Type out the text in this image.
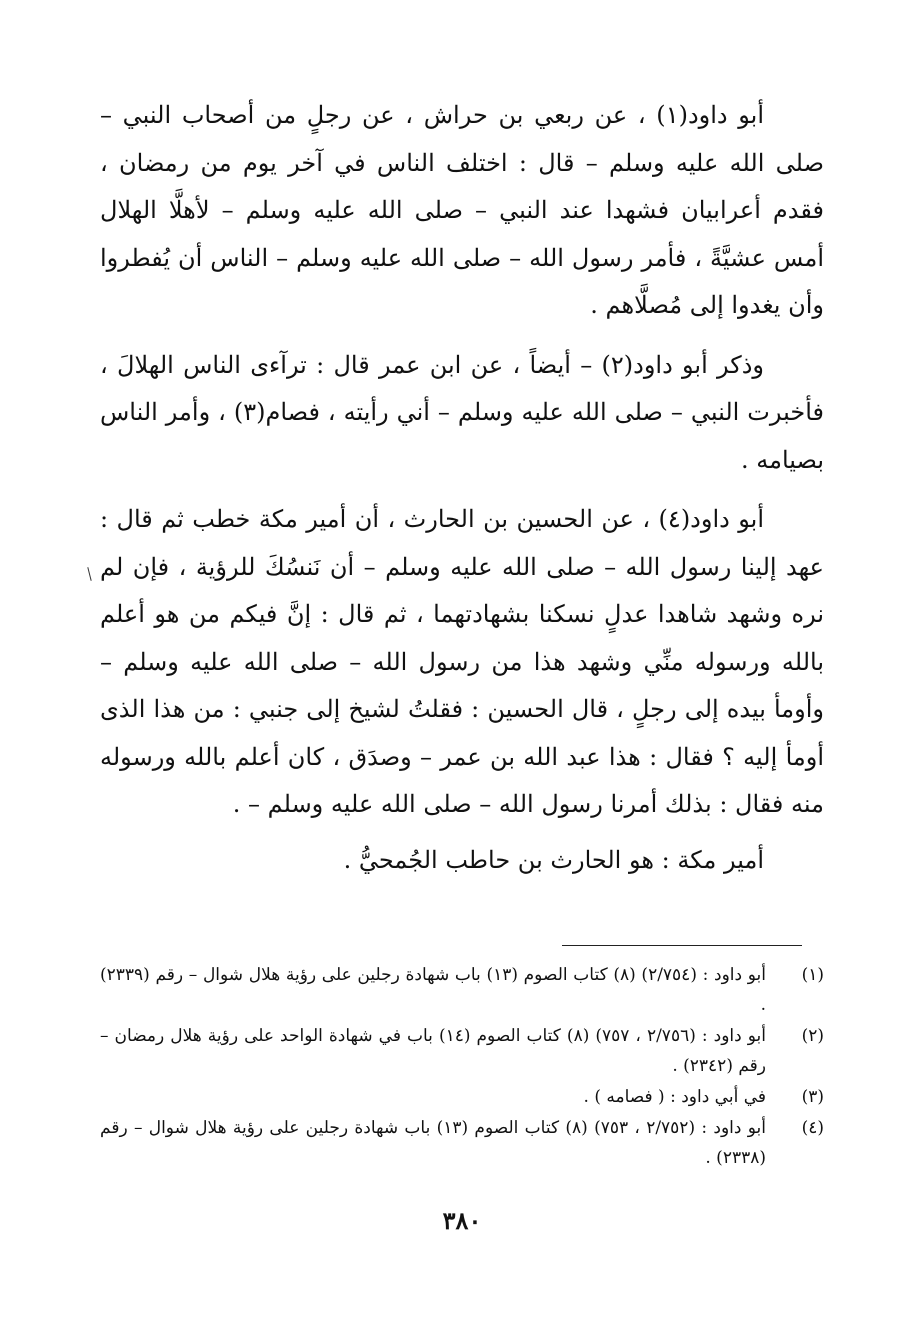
أبو داود(١) ، عن ربعي بن حراش ، عن رجلٍ من أصحاب النبي – صلى الله عليه وسلم – قال : اختلف الناس في آخر يوم من رمضان ، فقدم أعرابيان فشهدا عند النبي – صلى الله عليه وسلم – لأهلَّا الهلال أمس عشيَّةً ، فأمر رسول الله – صلى الله عليه وسلم – الناس أن يُفطروا وأن يغدوا إلى مُصلَّاهم .

وذكر أبو داود(٢) – أيضاً ، عن ابن عمر قال : ترآءى الناس الهلالَ ، فأخبرت النبي – صلى الله عليه وسلم – أني رأيته ، فصام(٣) ، وأمر الناس بصيامه .

أبو داود(٤) ، عن الحسين بن الحارث ، أن أمير مكة خطب ثم قال : عهد إلينا رسول الله – صلى الله عليه وسلم – أن نَنسُكَ للرؤية ، فإن لم نره وشهد شاهدا عدلٍ نسكنا بشهادتهما ، ثم قال : إنَّ فيكم من هو أعلم بالله ورسوله منِّي وشهد هذا من رسول الله – صلى الله عليه وسلم – وأومأ بيده إلى رجلٍ ، قال الحسين : فقلتُ لشيخ إلى جنبي : من هذا الذى أومأ إليه ؟ فقال : هذا عبد الله بن عمر – وصدَق ، كان أعلم بالله ورسوله منه فقال : بذلك أمرنا رسول الله – صلى الله عليه وسلم – .

أمير مكة : هو الحارث بن حاطب الجُمحيُّ .

(١)
أبو داود : (٢/٧٥٤) (٨) كتاب الصوم (١٣) باب شهادة رجلين على رؤية هلال شوال – رقم (٢٣٣٩) .
(٢)
أبو داود : (٢/٧٥٦ ، ٧٥٧) (٨) كتاب الصوم (١٤) باب في شهادة الواحد على رؤية هلال رمضان – رقم (٢٣٤٢) .
(٣)
في أبي داود : ( فصامه ) .
(٤)
أبو داود : (٢/٧٥٢ ، ٧٥٣) (٨) كتاب الصوم (١٣) باب شهادة رجلين على رؤية هلال شوال – رقم (٢٣٣٨) .
٣٨٠
